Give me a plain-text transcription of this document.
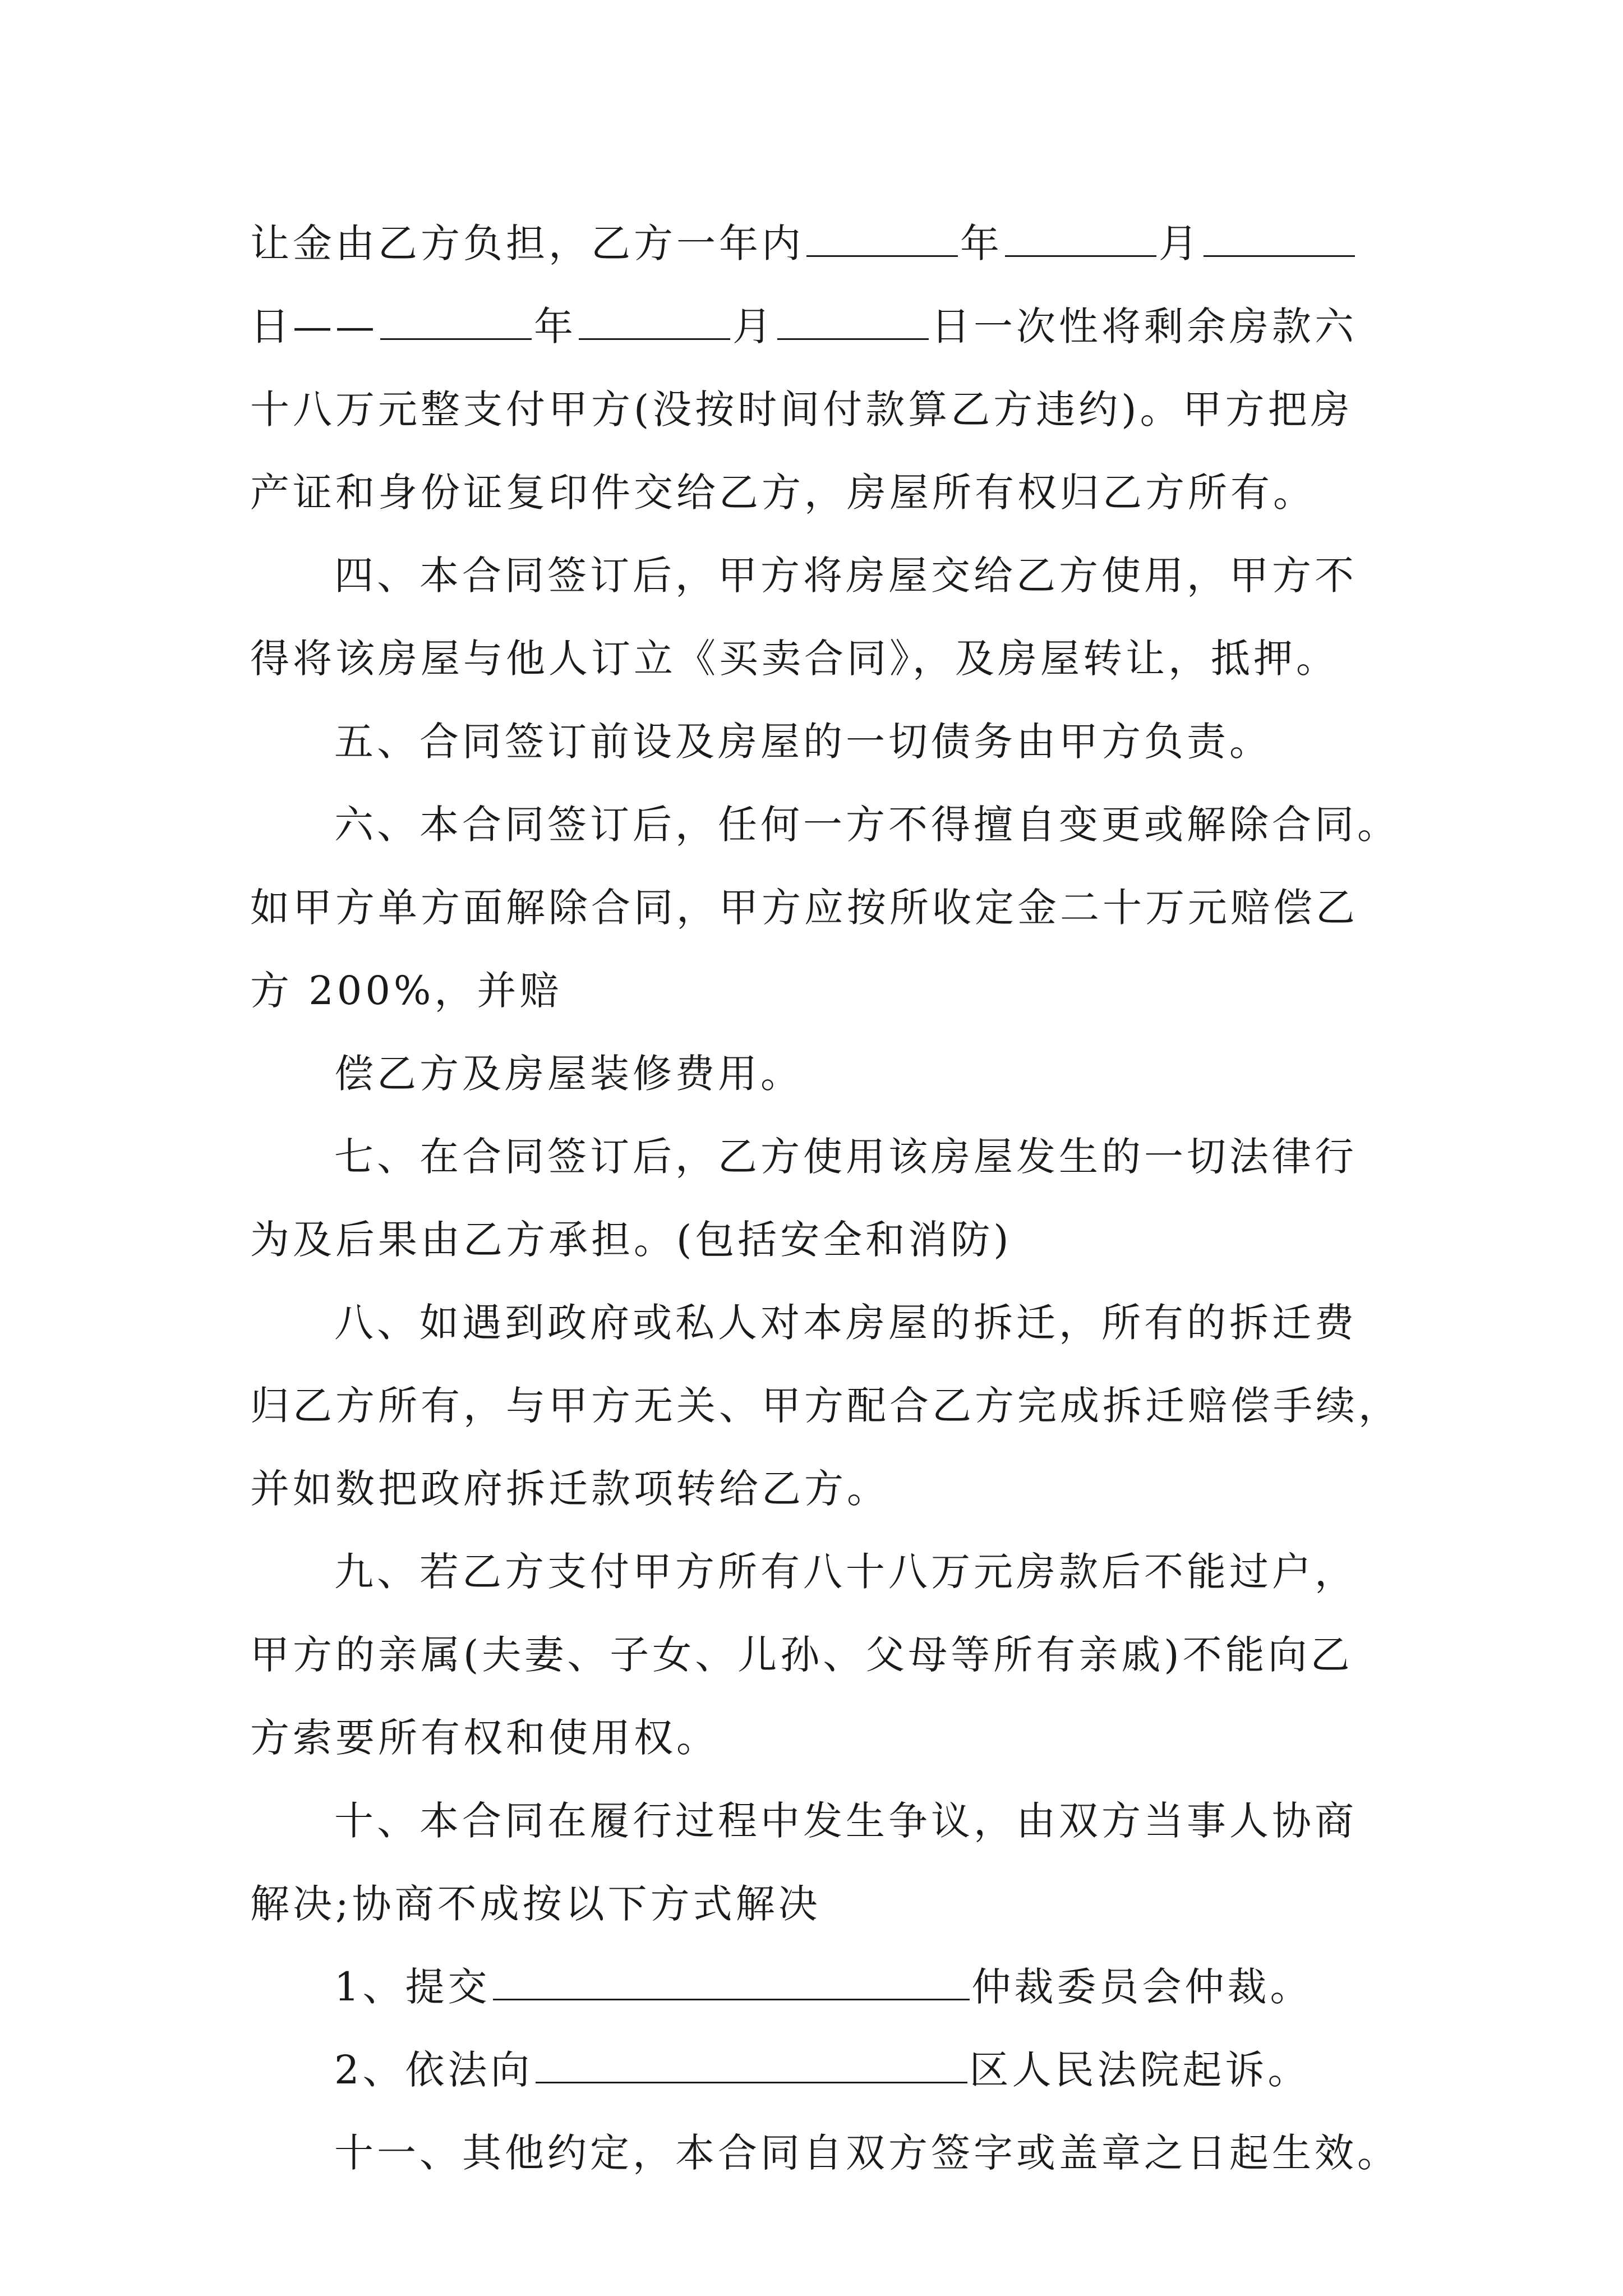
让金由乙方负担，乙方一年内	年	月
日——	年	月	日一次性将剩余房款六
十八万元整支付甲方(没按时间付款算乙方违约)。甲方把房
产证和身份证复印件交给乙方，房屋所有权归乙方所有。
四、本合同签订后，甲方将房屋交给乙方使用，甲方不
得将该房屋与他人订立《买卖合同》，及房屋转让，抵押。
五、合同签订前设及房屋的一切债务由甲方负责。
六、本合同签订后，任何一方不得擅自变更或解除合同。
如甲方单方面解除合同，甲方应按所收定金二十万元赔偿乙
方 200%，并赔
偿乙方及房屋装修费用。
七、在合同签订后，乙方使用该房屋发生的一切法律行
为及后果由乙方承担。(包括安全和消防)
八、如遇到政府或私人对本房屋的拆迁，所有的拆迁费
归乙方所有，与甲方无关、甲方配合乙方完成拆迁赔偿手续，
并如数把政府拆迁款项转给乙方。
九、若乙方支付甲方所有八十八万元房款后不能过户，
甲方的亲属(夫妻、子女、儿孙、父母等所有亲戚)不能向乙
方索要所有权和使用权。
十、本合同在履行过程中发生争议，由双方当事人协商
解决;协商不成按以下方式解决
1、提交	仲裁委员会仲裁。
2、依法向	区人民法院起诉。
十一、其他约定，本合同自双方签字或盖章之日起生效。
